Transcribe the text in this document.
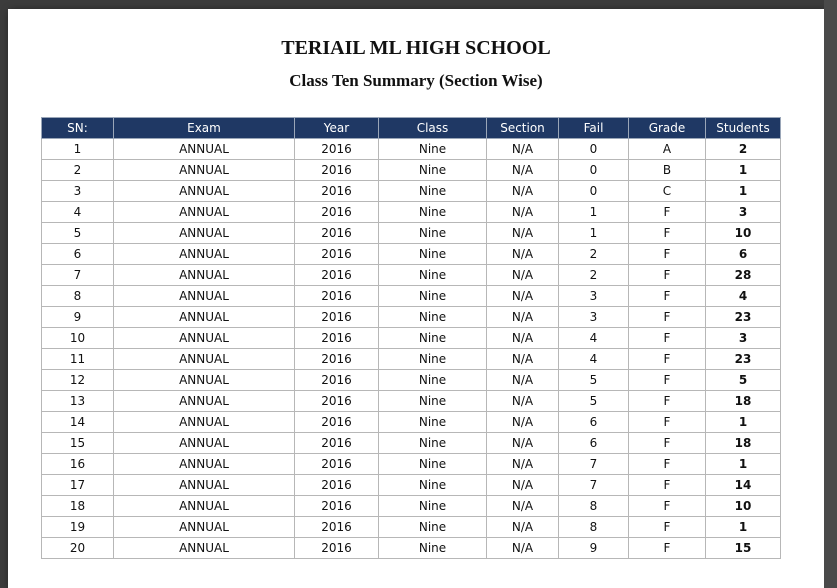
TERIAIL ML HIGH SCHOOL
Class Ten Summary (Section Wise)
SN:	Exam	Year	Class	Section	Fail	Grade	Students
1	ANNUAL	2016	Nine	N/A	0	A	2
2	ANNUAL	2016	Nine	N/A	0	B	1
3	ANNUAL	2016	Nine	N/A	0	C	1
4	ANNUAL	2016	Nine	N/A	1	F	3
5	ANNUAL	2016	Nine	N/A	1	F	10
6	ANNUAL	2016	Nine	N/A	2	F	6
7	ANNUAL	2016	Nine	N/A	2	F	28
8	ANNUAL	2016	Nine	N/A	3	F	4
9	ANNUAL	2016	Nine	N/A	3	F	23
10	ANNUAL	2016	Nine	N/A	4	F	3
11	ANNUAL	2016	Nine	N/A	4	F	23
12	ANNUAL	2016	Nine	N/A	5	F	5
13	ANNUAL	2016	Nine	N/A	5	F	18
14	ANNUAL	2016	Nine	N/A	6	F	1
15	ANNUAL	2016	Nine	N/A	6	F	18
16	ANNUAL	2016	Nine	N/A	7	F	1
17	ANNUAL	2016	Nine	N/A	7	F	14
18	ANNUAL	2016	Nine	N/A	8	F	10
19	ANNUAL	2016	Nine	N/A	8	F	1
20	ANNUAL	2016	Nine	N/A	9	F	15
